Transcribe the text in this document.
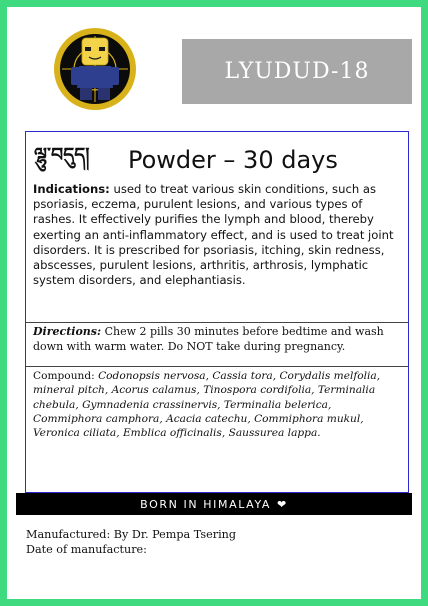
LYUDUD-18
ལྷུ་བདུད།	Powder – 30 days
Indications: used to treat various skin conditions, such as psoriasis, eczema, purulent lesions, and various types of rashes. It effectively purifies the lymph and blood, thereby exerting an anti-inflammatory effect, and is used to treat joint disorders. It is prescribed for psoriasis, itching, skin redness, abscesses, purulent lesions, arthritis, arthrosis, lymphatic system disorders, and elephantiasis.
Directions: Chew 2 pills 30 minutes before bedtime and wash down with warm water. Do NOT take during pregnancy.
Compound: Codonopsis nervosa, Cassia tora, Corydalis melfolia, mineral pitch, Acorus calamus, Tinospora cordifolia, Terminalia chebula, Gymnadenia crassinervis, Terminalia belerica, Commiphora camphora, Acacia catechu, Commiphora mukul, Veronica ciliata, Emblica officinalis, Saussurea lappa.
BORN IN HIMALAYA ❤
Manufactured: By Dr. Pempa Tsering
Date of manufacture:
